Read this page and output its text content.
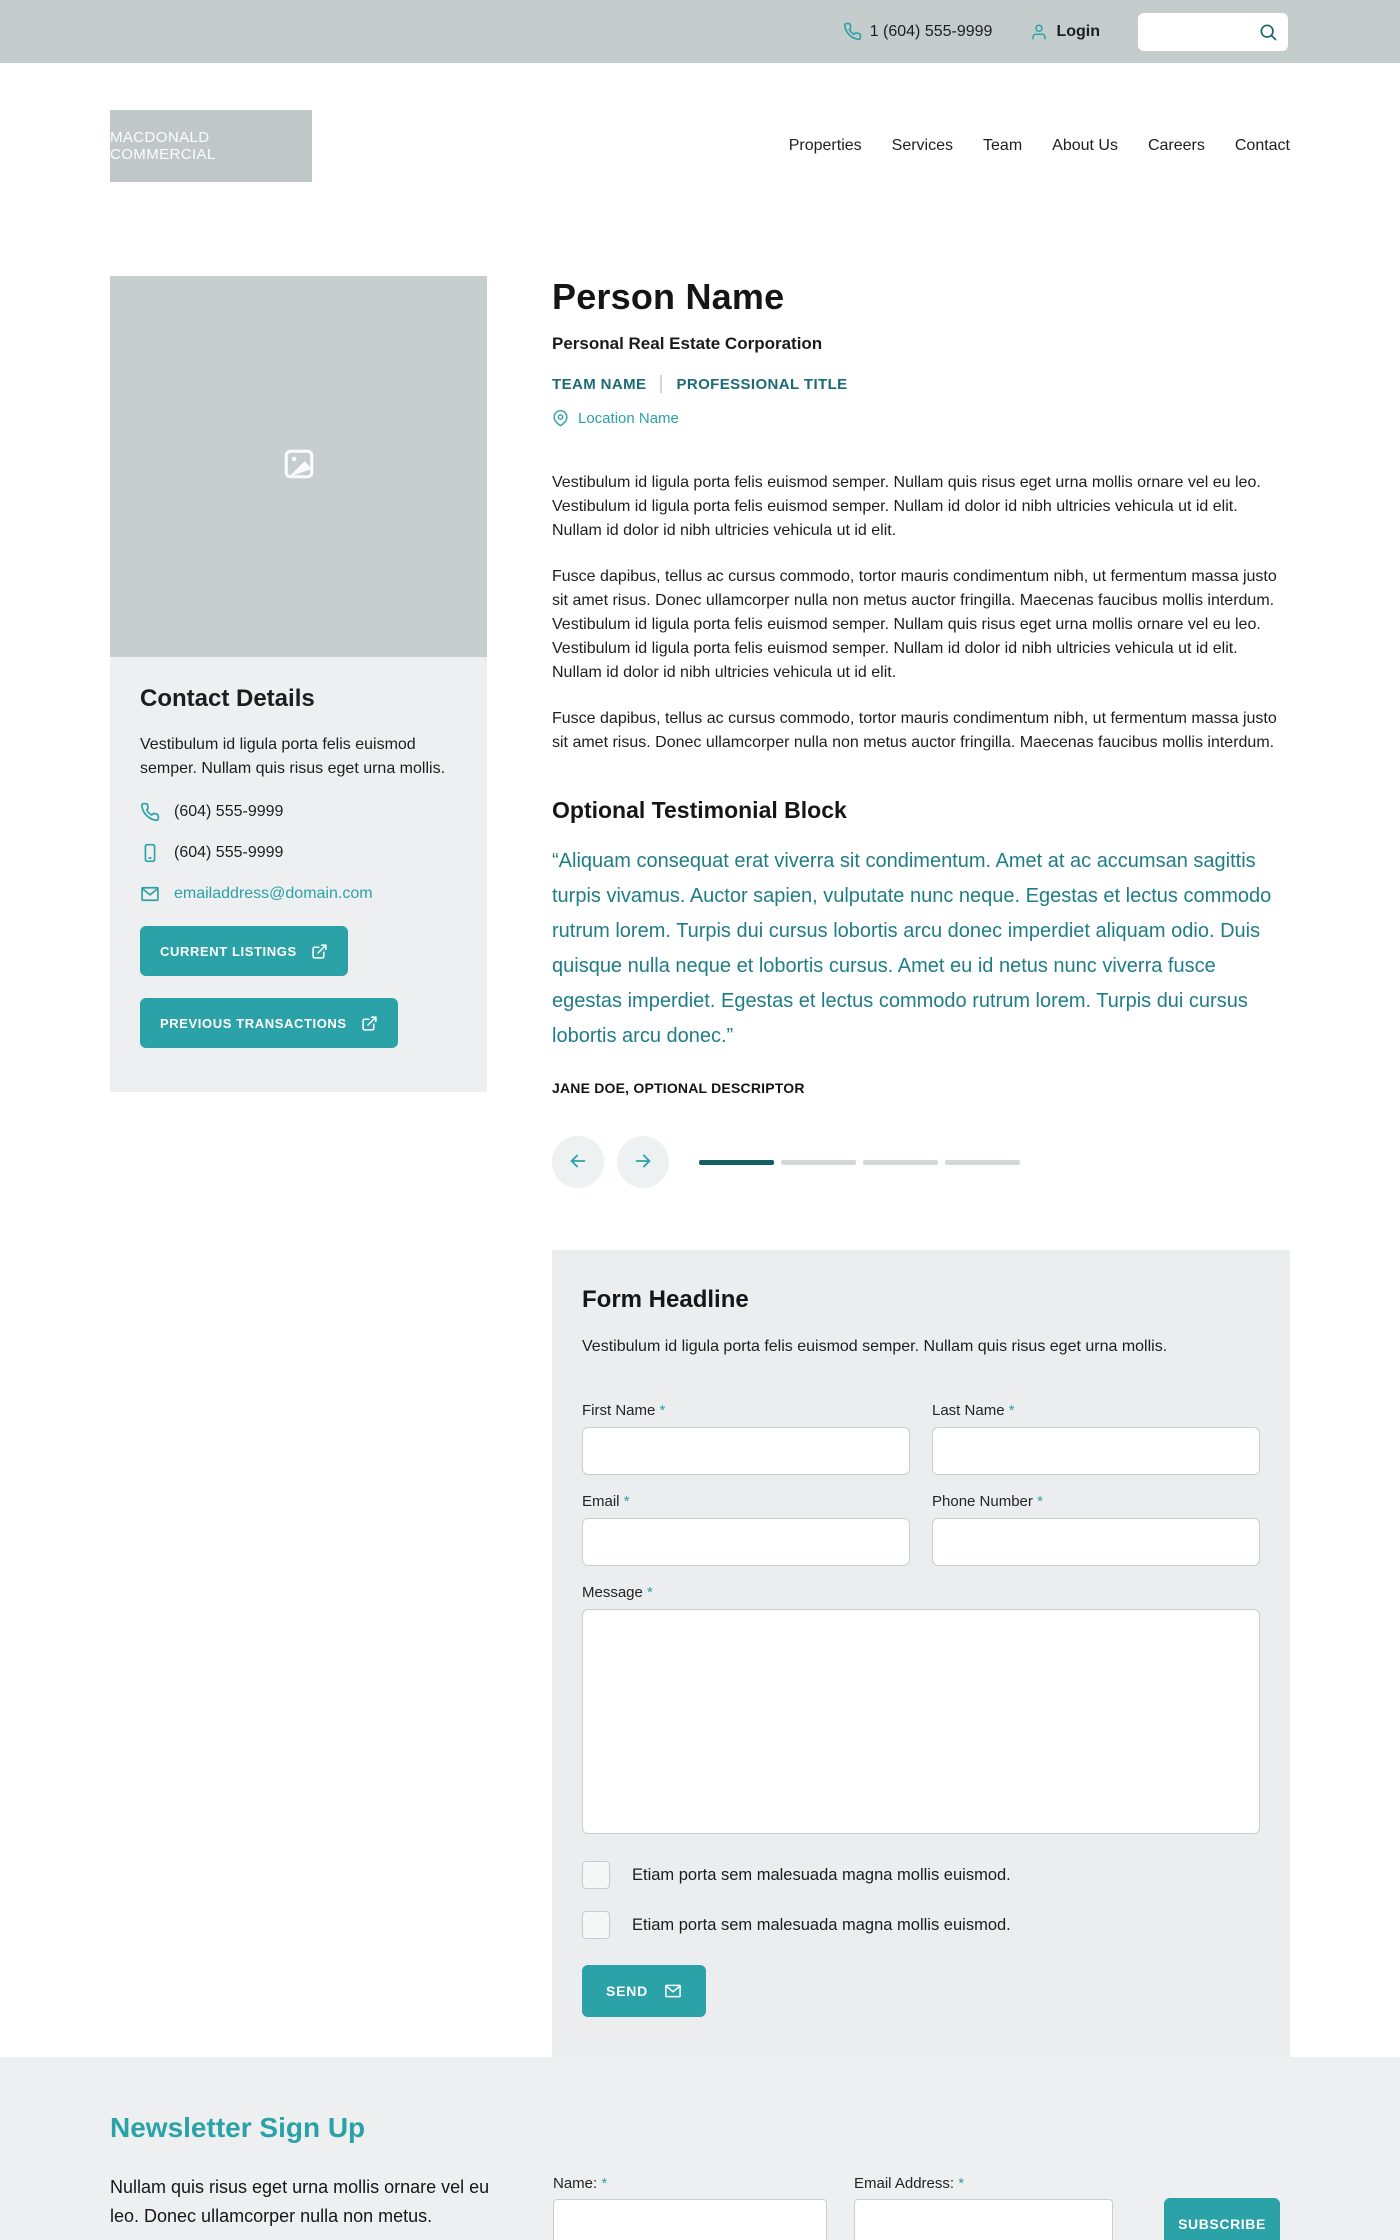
1 (604) 555-9999	Login
MACDONALD COMMERCIAL
Properties Services Team About Us Careers Contact
Contact Details

Vestibulum id ligula porta felis euismod semper. Nullam quis risus eget urna mollis.

(604) 555-9999
(604) 555-9999
emailaddress@domain.com
CURRENT LISTINGS

PREVIOUS TRANSACTIONS
Person Name
Personal Real Estate Corporation
TEAM NAME PROFESSIONAL TITLE
Location Name

Vestibulum id ligula porta felis euismod semper. Nullam quis risus eget urna mollis ornare vel eu leo. Vestibulum id ligula porta felis euismod semper. Nullam id dolor id nibh ultricies vehicula ut id elit. Nullam id dolor id nibh ultricies vehicula ut id elit.

Fusce dapibus, tellus ac cursus commodo, tortor mauris condimentum nibh, ut fermentum massa justo sit amet risus. Donec ullamcorper nulla non metus auctor fringilla. Maecenas faucibus mollis interdum. Vestibulum id ligula porta felis euismod semper. Nullam quis risus eget urna mollis ornare vel eu leo. Vestibulum id ligula porta felis euismod semper. Nullam id dolor id nibh ultricies vehicula ut id elit. Nullam id dolor id nibh ultricies vehicula ut id elit.

Fusce dapibus, tellus ac cursus commodo, tortor mauris condimentum nibh, ut fermentum massa justo sit amet risus. Donec ullamcorper nulla non metus auctor fringilla. Maecenas faucibus mollis interdum.

Optional Testimonial Block

“Aliquam consequat erat viverra sit condimentum. Amet at ac accumsan sagittis turpis vivamus. Auctor sapien, vulputate nunc neque. Egestas et lectus commodo rutrum lorem. Turpis dui cursus lobortis arcu donec imperdiet aliquam odio. Duis quisque nulla neque et lobortis cursus. Amet eu id netus nunc viverra fusce egestas imperdiet. Egestas et lectus commodo rutrum lorem. Turpis dui cursus lobortis arcu donec.”

JANE DOE, OPTIONAL DESCRIPTOR
Form Headline

Vestibulum id ligula porta felis euismod semper. Nullam quis risus eget urna mollis.

First Name *	Last Name *
Email *	Phone Number *
Message *
Etiam porta sem malesuada magna mollis euismod.
Etiam porta sem malesuada magna mollis euismod.
SEND
Newsletter Sign Up

Nullam quis risus eget urna mollis ornare vel eu leo. Donec ullamcorper nulla non metus.

Name: *	Email Address: *
SUBSCRIBE
